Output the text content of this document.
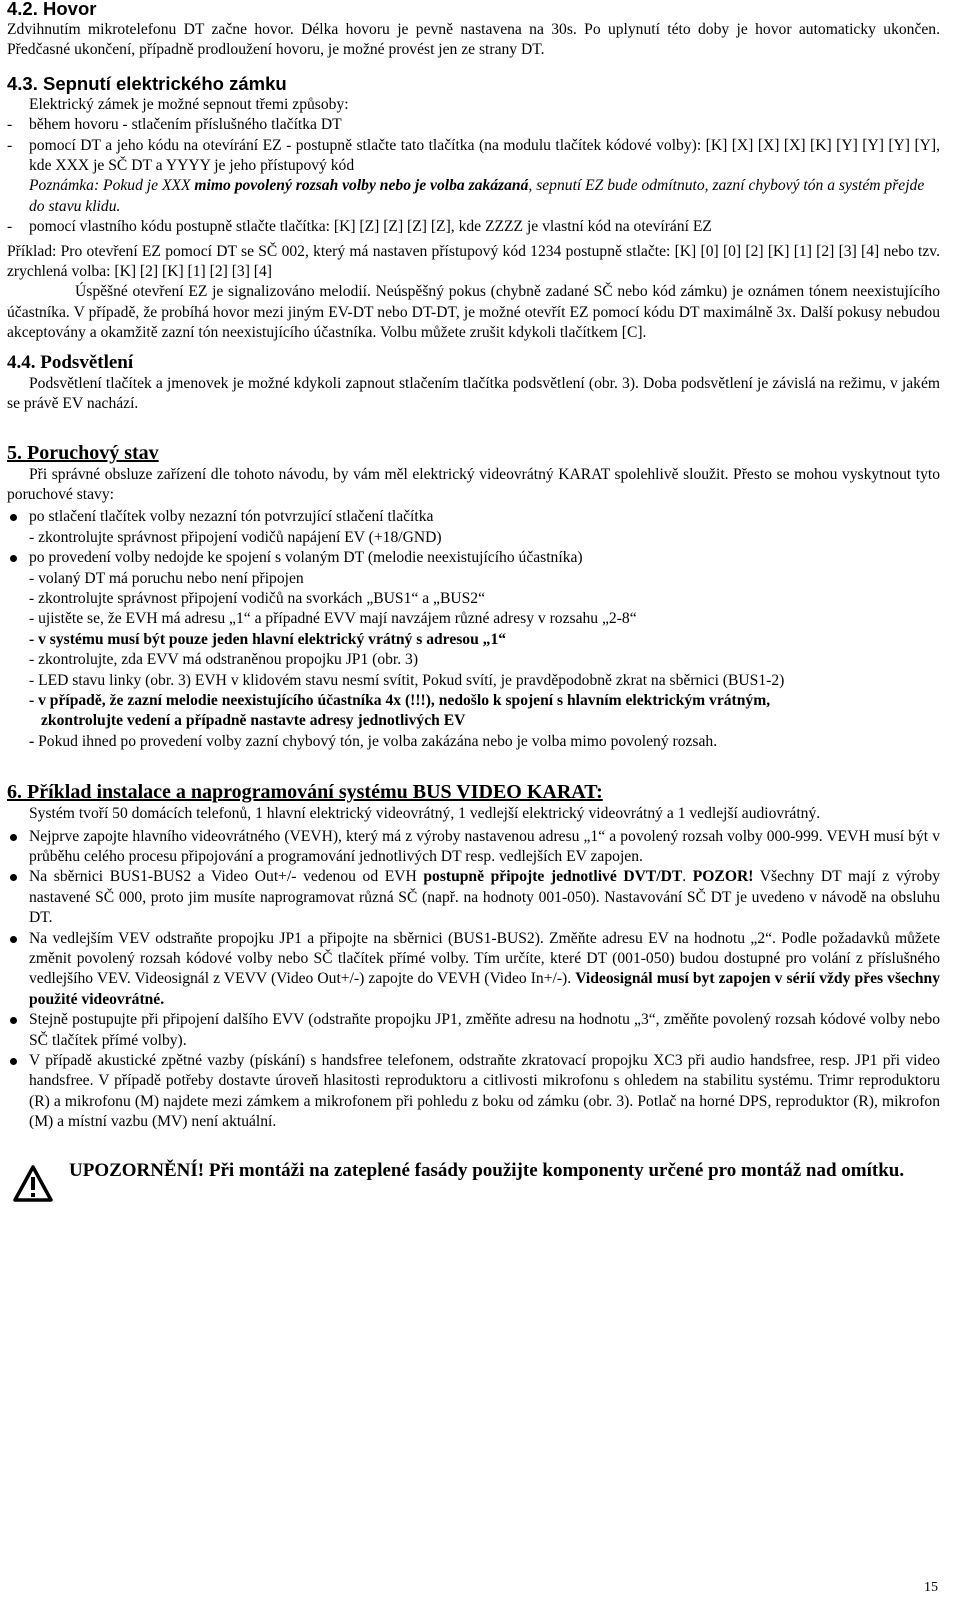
4.2. Hovor

Zdvihnutím mikrotelefonu DT začne hovor. Délka hovoru je pevně nastavena na 30s. Po uplynutí této doby je hovor automaticky ukončen. Předčasné ukončení, případně prodloužení hovoru, je možné provést jen ze strany DT.

4.3. Sepnutí elektrického zámku

Elektrický zámek je možné sepnout třemi způsoby:

-	během hovoru - stlačením příslušného tlačítka DT
-	pomocí DT a jeho kódu na otevírání EZ - postupně stlačte tato tlačítka (na modulu tlačítek kódové volby): [K] [X] [X] [X] [K] [Y] [Y] [Y] [Y], kde XXX je SČ DT a YYYY je jeho přístupový kód

Poznámka: Pokud je XXX mimo povolený rozsah volby nebo je volba zakázaná, sepnutí EZ bude odmítnuto, zazní chybový tón a systém přejde do stavu klidu.

-	pomocí vlastního kódu postupně stlačte tlačítka: [K] [Z] [Z] [Z] [Z], kde ZZZZ je vlastní kód na otevírání EZ

Příklad: Pro otevření EZ pomocí DT se SČ 002, který má nastaven přístupový kód 1234 postupně stlačte: [K] [0] [0] [2] [K] [1] [2] [3] [4] nebo tzv. zrychlená volba: [K] [2] [K] [1] [2] [3] [4]

Úspěšné otevření EZ je signalizováno melodií. Neúspěšný pokus (chybně zadané SČ nebo kód zámku) je oznámen tónem neexistujícího účastníka. V případě, že probíhá hovor mezi jiným EV-DT nebo DT-DT, je možné otevřít EZ pomocí kódu DT maximálně 3x. Další pokusy nebudou akceptovány a okamžitě zazní tón neexistujícího účastníka. Volbu můžete zrušit kdykoli tlačítkem [C].

4.4. Podsvětlení

Podsvětlení tlačítek a jmenovek je možné kdykoli zapnout stlačením tlačítka podsvětlení (obr. 3). Doba podsvětlení je závislá na režimu, v jakém se právě EV nachází.

5. Poruchový stav

Při správné obsluze zařízení dle tohoto návodu, by vám měl elektrický videovrátný KARAT spolehlivě sloužit. Přesto se mohou vyskytnout tyto poruchové stavy:

po stlačení tlačítek volby nezazní tón potvrzující stlačení tlačítka

- zkontrolujte správnost připojení vodičů napájení EV (+18/GND)

po provedení volby nedojde ke spojení s volaným DT (melodie neexistujícího účastníka)

- volaný DT má poruchu nebo není připojen

- zkontrolujte správnost připojení vodičů na svorkách „BUS1“ a „BUS2“

- ujistěte se, že EVH má adresu „1“ a případné EVV mají navzájem různé adresy v rozsahu „2-8“

- v systému musí být pouze jeden hlavní elektrický vrátný s adresou „1“

- zkontrolujte, zda EVV má odstraněnou propojku JP1 (obr. 3)

- LED stavu linky (obr. 3) EVH v klidovém stavu nesmí svítit, Pokud svítí, je pravděpodobně zkrat na sběrnici (BUS1-2)

- v případě, že zazní melodie neexistujícího účastníka 4x (!!!), nedošlo k spojení s hlavním elektrickým vrátným,

zkontrolujte vedení a případně nastavte adresy jednotlivých EV

- Pokud ihned po provedení volby zazní chybový tón, je volba zakázána nebo je volba mimo povolený rozsah.

6. Příklad instalace a naprogramování systému BUS VIDEO KARAT:

Systém tvoří 50 domácích telefonů, 1 hlavní elektrický videovrátný, 1 vedlejší elektrický videovrátný a 1 vedlejší audiovrátný.

Nejprve zapojte hlavního videovrátného (VEVH), který má z výroby nastavenou adresu „1“ a povolený rozsah volby 000-999. VEVH musí být v průběhu celého procesu připojování a programování jednotlivých DT resp. vedlejších EV zapojen.
Na sběrnici BUS1-BUS2 a Video Out+/- vedenou od EVH postupně připojte jednotlivé DVT/DT. POZOR! Všechny DT mají z výroby nastavené SČ 000, proto jim musíte naprogramovat různá SČ (např. na hodnoty 001-050). Nastavování SČ DT je uvedeno v návodě na obsluhu DT.
Na vedlejším VEV odstraňte propojku JP1 a připojte na sběrnici (BUS1-BUS2). Změňte adresu EV na hodnotu „2“. Podle požadavků můžete změnit povolený rozsah kódové volby nebo SČ tlačítek přímé volby. Tím určíte, které DT (001-050) budou dostupné pro volání z příslušného vedlejšího VEV. Videosignál z VEVV (Video Out+/-) zapojte do VEVH (Video In+/-). Videosignál musí byt zapojen v sérií vždy přes všechny použité videovrátné.
Stejně postupujte při připojení dalšího EVV (odstraňte propojku JP1, změňte adresu na hodnotu „3“, změňte povolený rozsah kódové volby nebo SČ tlačítek přímé volby).
V případě akustické zpětné vazby (pískání) s handsfree telefonem, odstraňte zkratovací propojku XC3 při audio handsfree, resp. JP1 při video handsfree. V případě potřeby dostavte úroveň hlasitosti reproduktoru a citlivosti mikrofonu s ohledem na stabilitu systému. Trimr reproduktoru (R) a mikrofonu (M) najdete mezi zámkem a mikrofonem při pohledu z boku od zámku (obr. 3). Potlač na horné DPS, reproduktor (R), mikrofon (M) a místní vazbu (MV) není aktuální.

UPOZORNĚNÍ! Při montáži na zateplené fasády použijte komponenty určené pro montáž nad omítku.

15
